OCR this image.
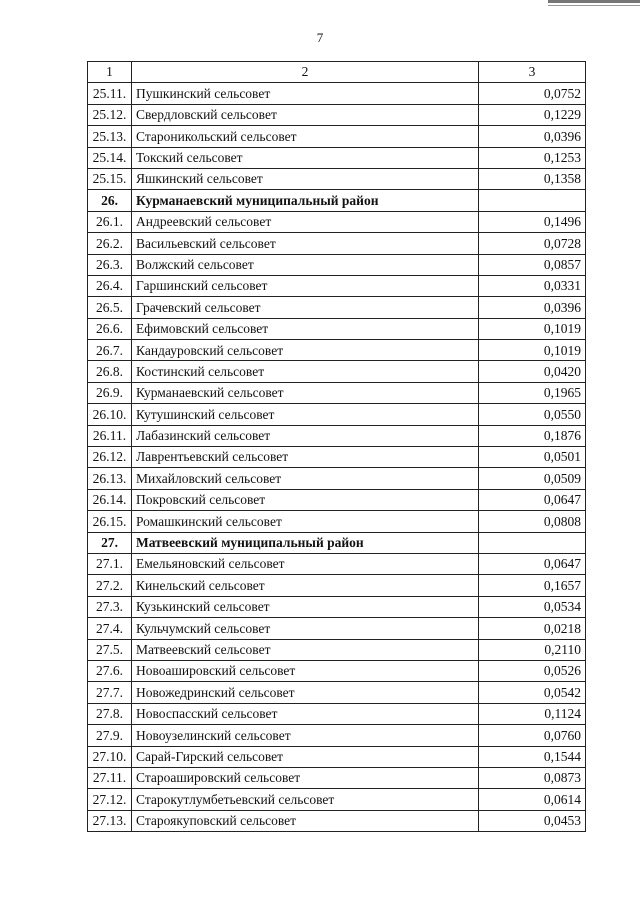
7
1	2	3
25.11.	Пушкинский сельсовет	0,0752
25.12.	Свердловский сельсовет	0,1229
25.13.	Староникольский сельсовет	0,0396
25.14.	Токский сельсовет	0,1253
25.15.	Яшкинский сельсовет	0,1358
26.	Курманаевский муниципальный район	
26.1.	Андреевский сельсовет	0,1496
26.2.	Васильевский сельсовет	0,0728
26.3.	Волжский сельсовет	0,0857
26.4.	Гаршинский сельсовет	0,0331
26.5.	Грачевский сельсовет	0,0396
26.6.	Ефимовский сельсовет	0,1019
26.7.	Кандауровский сельсовет	0,1019
26.8.	Костинский сельсовет	0,0420
26.9.	Курманаевский сельсовет	0,1965
26.10.	Кутушинский сельсовет	0,0550
26.11.	Лабазинский сельсовет	0,1876
26.12.	Лаврентьевский сельсовет	0,0501
26.13.	Михайловский сельсовет	0,0509
26.14.	Покровский сельсовет	0,0647
26.15.	Ромашкинский сельсовет	0,0808
27.	Матвеевский муниципальный район	
27.1.	Емельяновский сельсовет	0,0647
27.2.	Кинельский сельсовет	0,1657
27.3.	Кузькинский сельсовет	0,0534
27.4.	Кульчумский сельсовет	0,0218
27.5.	Матвеевский сельсовет	0,2110
27.6.	Новоашировский сельсовет	0,0526
27.7.	Новожедринский сельсовет	0,0542
27.8.	Новоспасский сельсовет	0,1124
27.9.	Новоузелинский сельсовет	0,0760
27.10.	Сарай-Гирский сельсовет	0,1544
27.11.	Староашировский сельсовет	0,0873
27.12.	Старокутлумбетьевский сельсовет	0,0614
27.13.	Староякуповский сельсовет	0,0453
